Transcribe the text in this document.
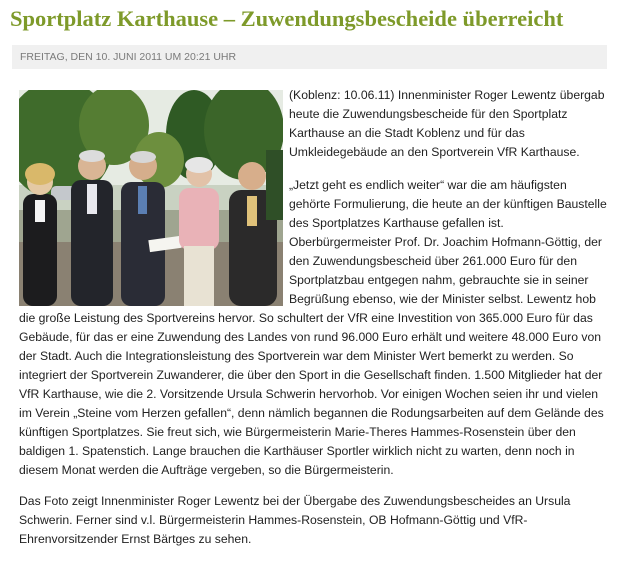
Sportplatz Karthause – Zuwendungsbescheide überreicht
FREITAG, DEN 10. JUNI 2011 UM 20:21 UHR

(Koblenz: 10.06.11) Innenminister Roger Lewentz übergab heute die Zuwendungsbescheide für den Sportplatz Karthause an die Stadt Koblenz und für das Umkleidegebäude an den Sportverein VfR Karthause.

„Jetzt geht es endlich weiter“ war die am häufigsten gehörte Formulierung, die heute an der künftigen Baustelle des Sportplatzes Karthause gefallen ist. Oberbürgermeister Prof. Dr. Joachim Hofmann-Göttig, der den Zuwendungsbescheid über 261.000 Euro für den Sportplatzbau entgegen nahm, gebrauchte sie in seiner Begrüßung ebenso, wie der Minister selbst. Lewentz hob die große Leistung des Sportvereins hervor. So schultert der VfR eine Investition von 365.000 Euro für das Gebäude, für das er eine Zuwendung des Landes von rund 96.000 Euro erhält und weitere 48.000 Euro von der Stadt. Auch die Integrationsleistung des Sportverein war dem Minister Wert bemerkt zu werden. So integriert der Sportverein Zuwanderer, die über den Sport in die Gesellschaft finden. 1.500 Mitglieder hat der VfR Karthause, wie die 2. Vorsitzende Ursula Schwerin hervorhob. Vor einigen Wochen seien ihr und vielen im Verein „Steine vom Herzen gefallen“, denn nämlich begannen die Rodungsarbeiten auf dem Gelände des künftigen Sportplatzes. Sie freut sich, wie Bürgermeisterin Marie-Theres Hammes-Rosenstein über den baldigen 1. Spatenstich. Lange brauchen die Karthäuser Sportler wirklich nicht zu warten, denn noch in diesem Monat werden die Aufträge vergeben, so die Bürgermeisterin.

Das Foto zeigt Innenminister Roger Lewentz bei der Übergabe des Zuwendungsbescheides an Ursula Schwerin. Ferner sind v.l. Bürgermeisterin Hammes-Rosenstein, OB Hofmann-Göttig und VfR-Ehrenvorsitzender Ernst Bärtges zu sehen.
